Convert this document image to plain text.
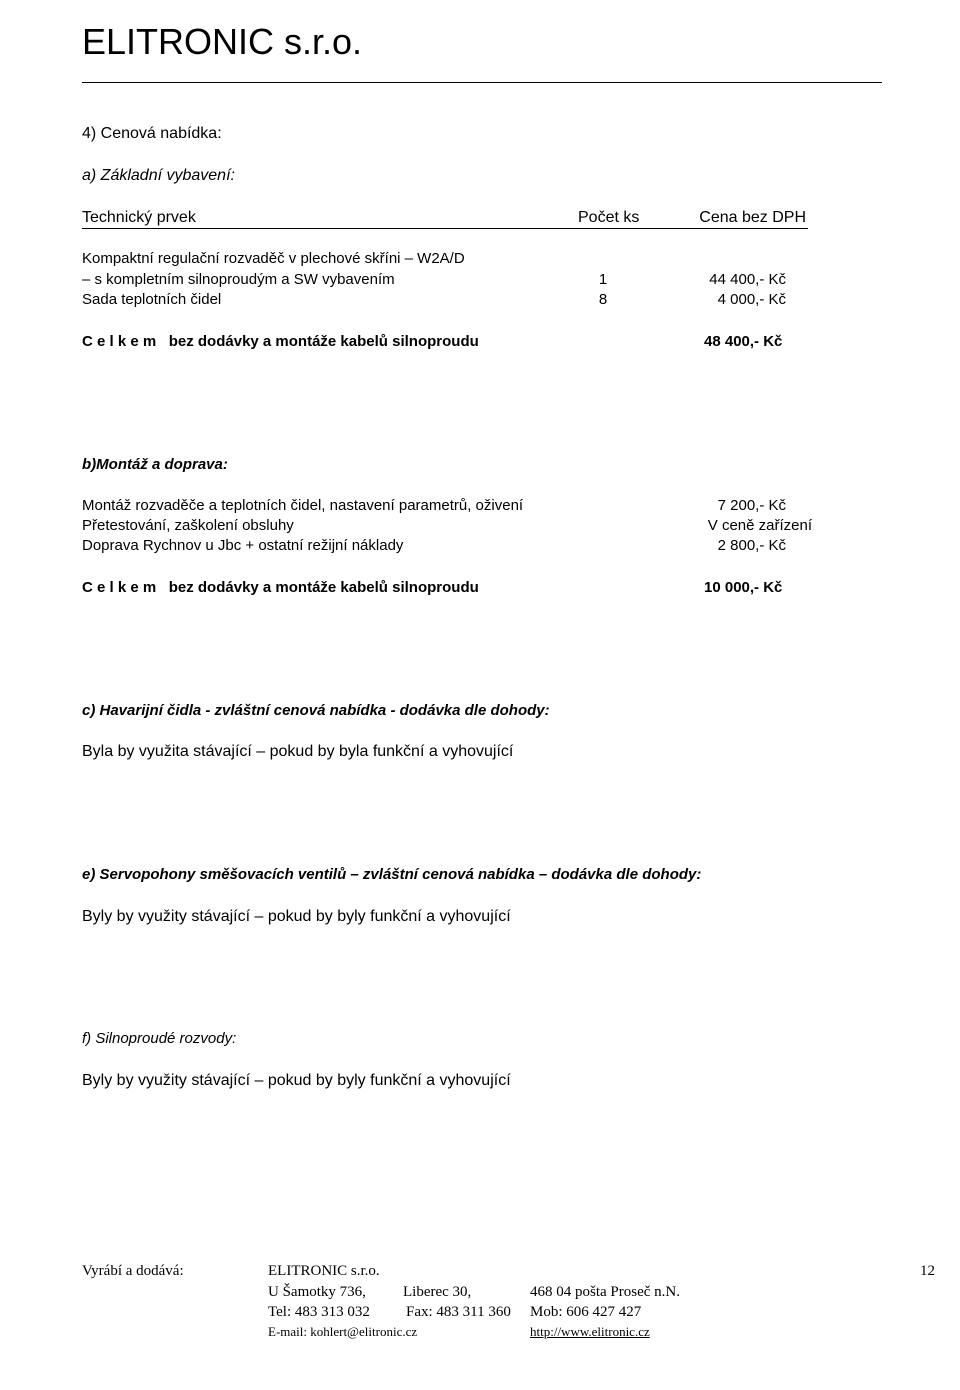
ELITRONIC s.r.o.
4) Cenová nabídka:
a) Základní vybavení:
Technický prvek	Počet ks	Cena bez DPH
Kompaktní regulační rozvaděč v plechové skříni – W2A/D
– s kompletním silnoproudým a SW vybavením	1	44 400,- Kč
Sada teplotních čidel	8	4 000,- Kč
C e l k e m bez dodávky a montáže kabelů silnoproudu	48 400,- Kč
b)Montáž a doprava:
Montáž rozvaděče a teplotních čidel, nastavení parametrů, oživení	7 200,- Kč
Přetestování, zaškolení obsluhy	V ceně zařízení
Doprava Rychnov u Jbc + ostatní režijní náklady	2 800,- Kč
C e l k e m bez dodávky a montáže kabelů silnoproudu	10 000,- Kč
c) Havarijní čidla - zvláštní cenová nabídka - dodávka dle dohody:
Byla by využita stávající – pokud by byla funkční a vyhovující
e) Servopohony směšovacích ventilů – zvláštní cenová nabídka – dodávka dle dohody:
Byly by využity stávající – pokud by byly funkční a vyhovující
f) Silnoproudé rozvody:
Byly by využity stávající – pokud by byly funkční a vyhovující
Vyrábí a dodává:	ELITRONIC s.r.o.	12
U Šamotky 736, Liberec 30,	468 04 pošta Proseč n.N.
Tel: 483 313 032 Fax: 483 311 360 Mob: 606 427 427
E-mail: kohlert@elitronic.cz	http://www.elitronic.cz
